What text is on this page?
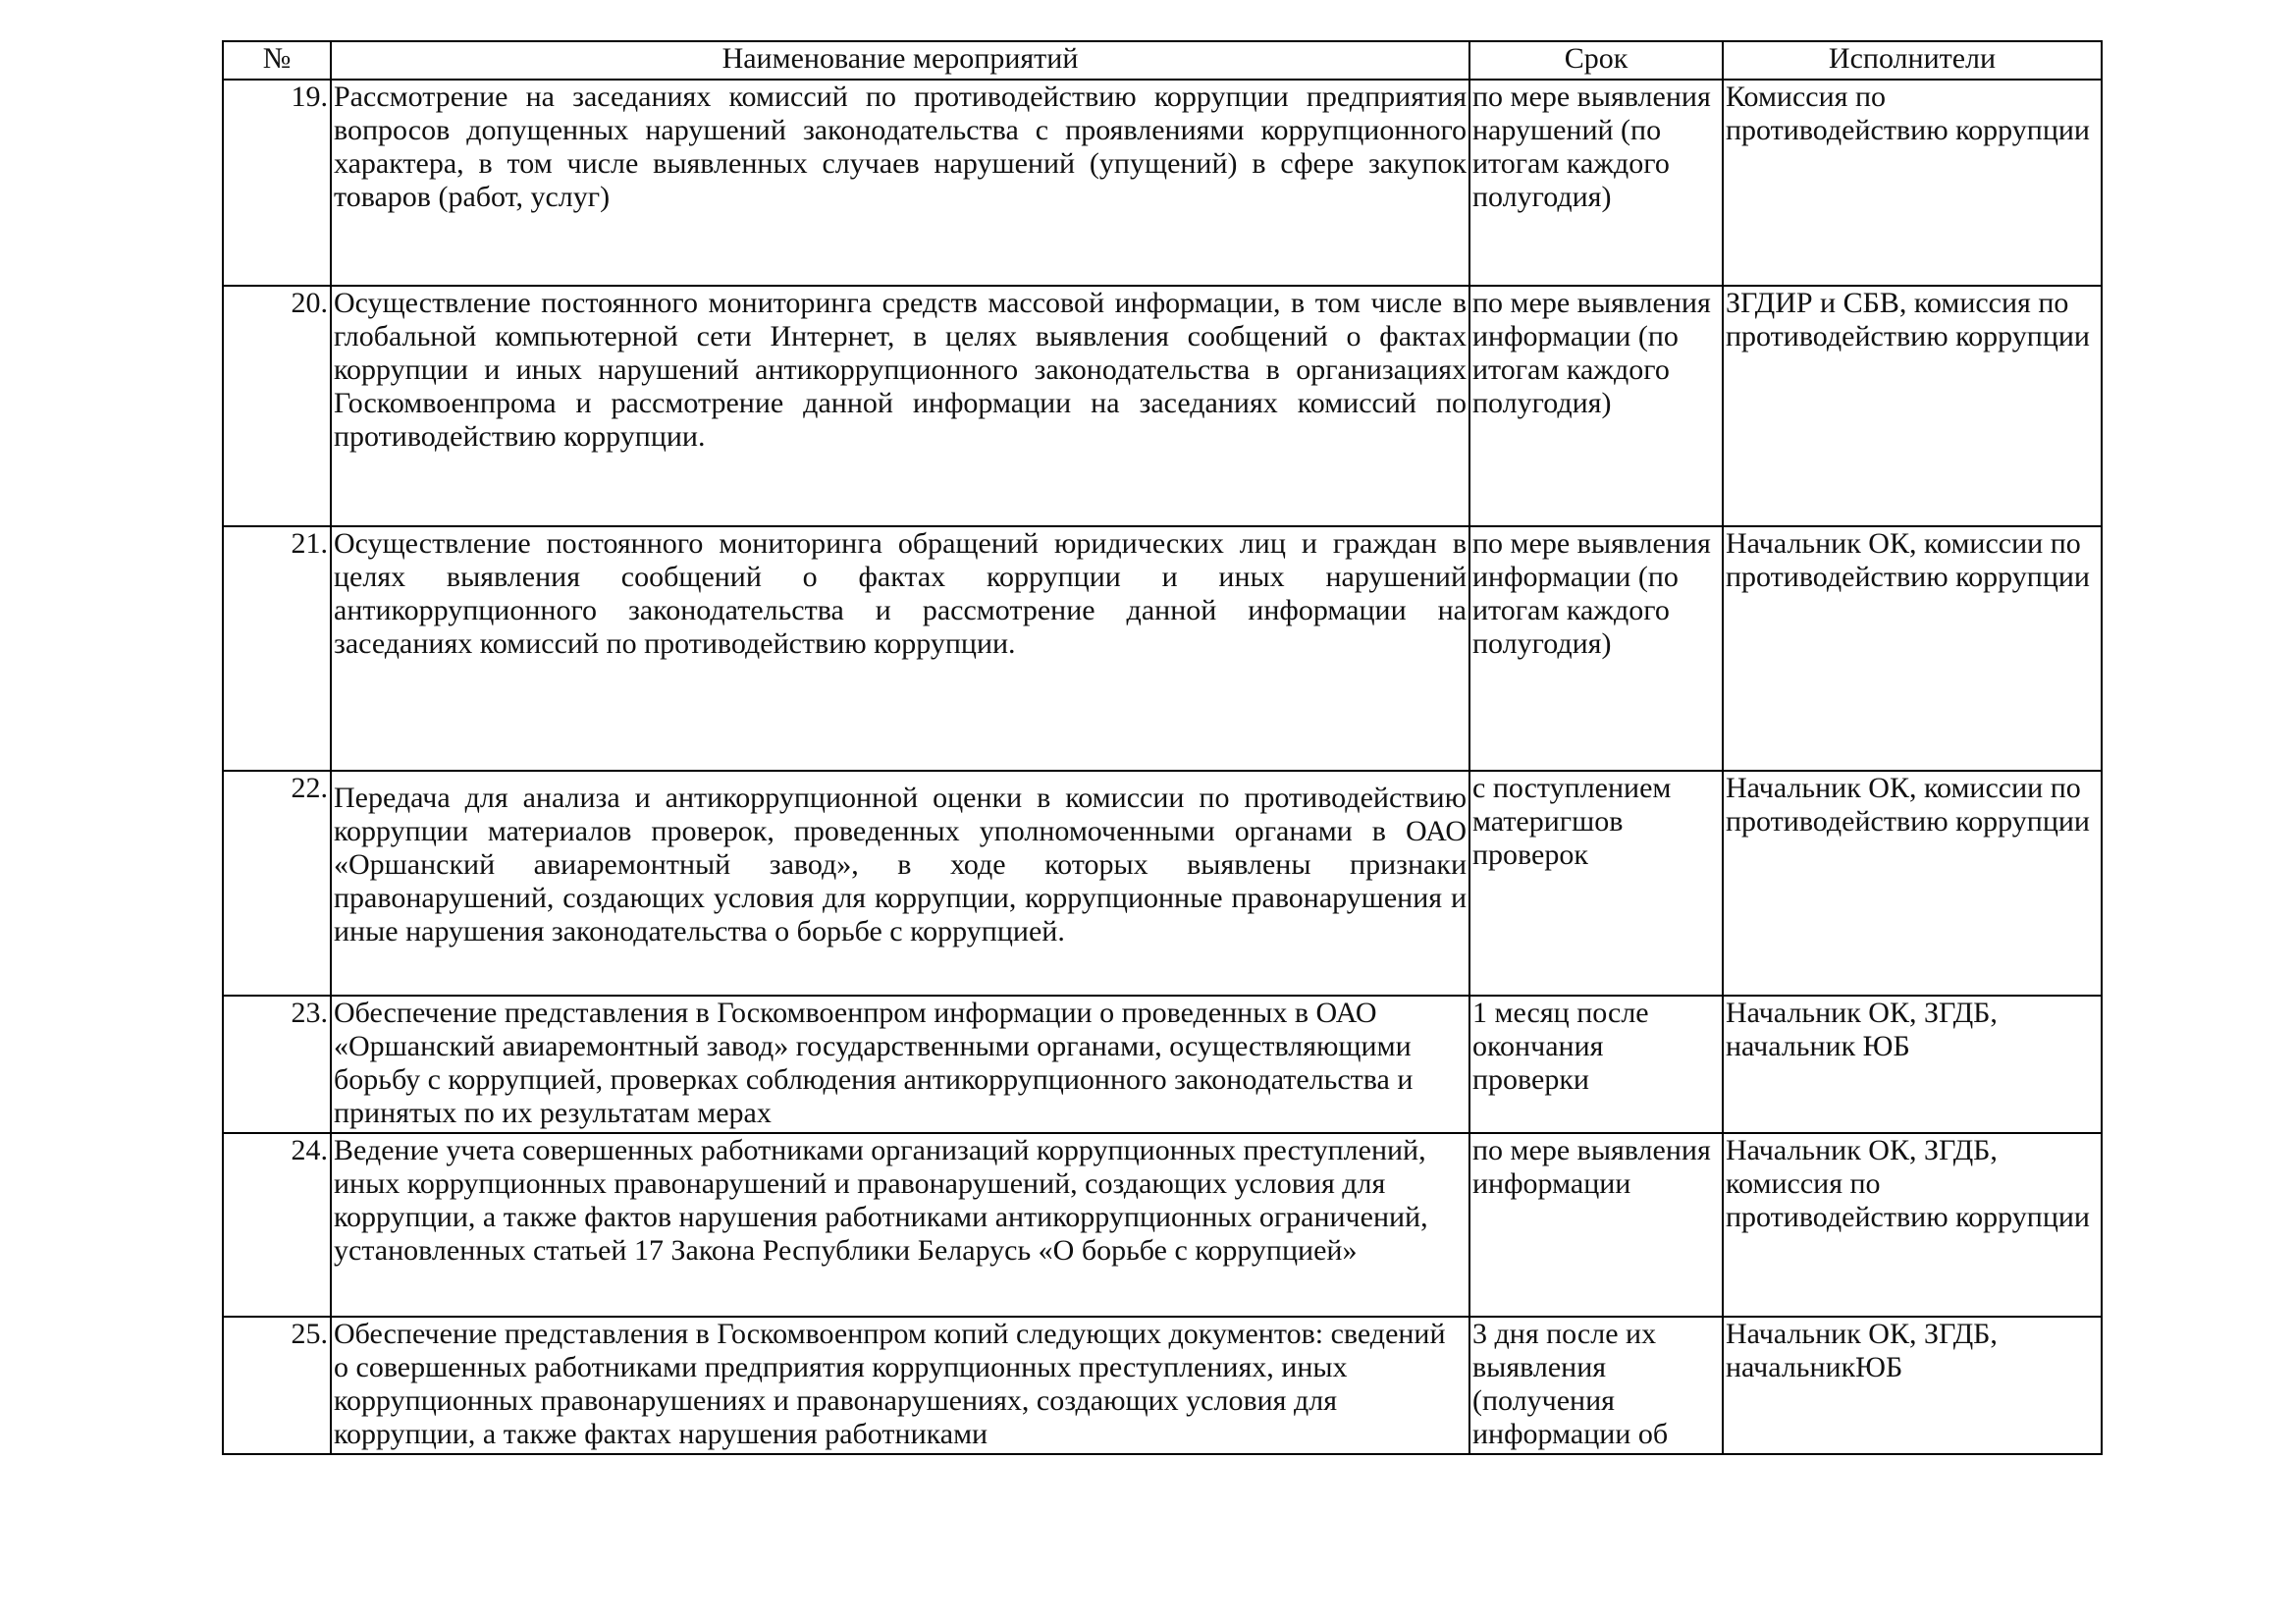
№	Наименование мероприятий	Срок	Исполнители
19.	Рассмотрение на заседаниях комиссий по противодействию коррупции предприятия вопросов допущенных нарушений законодательства с проявлениями коррупционного характера, в том числе выявленных случаев нарушений (упущений) в сфере закупок товаров (работ, услуг)	по мере выявления нарушений (по итогам каждого полугодия)	Комиссия по противодействию коррупции
20.	Осуществление постоянного мониторинга средств массовой информации, в том числе в глобальной компьютерной сети Интернет, в целях выявления сообщений о фактах коррупции и иных нарушений антикоррупционного законодательства в организациях Госкомвоенпрома и рассмотрение данной информации на заседаниях комиссий по противодействию коррупции.	по мере выявления информации (по итогам каждого полугодия)	ЗГДИР и СБВ, комиссия по противодействию коррупции
21.	Осуществление постоянного мониторинга обращений юридических лиц и граждан в целях выявления сообщений о фактах коррупции и иных нарушений антикоррупционного законодательства и рассмотрение данной информации на заседаниях комиссий по противодействию коррупции.	по мере выявления информации (по итогам каждого полугодия)	Начальник ОК, комиссии по противодействию коррупции
22.	Передача для анализа и антикоррупционной оценки в комиссии по противодействию коррупции материалов проверок, проведенных уполномоченными органами в ОАО «Оршанский авиаремонтный завод», в ходе которых выявлены признаки правонарушений, создающих условия для коррупции, коррупционные правонарушения и иные нарушения законодательства о борьбе с коррупцией.	с поступлением материгшов проверок	Начальник ОК, комиссии по противодействию коррупции
23.	Обеспечение представления в Госкомвоенпром информации о проведенных в ОАО «Оршанский авиаремонтный завод» государственными органами, осуществляющими борьбу с коррупцией, проверках соблюдения антикоррупционного законодательства и принятых по их результатам мерах	1 месяц после окончания проверки	Начальник ОК, ЗГДБ, начальник ЮБ
24.	Ведение учета совершенных работниками организаций коррупционных преступлений, иных коррупционных правонарушений и правонарушений, создающих условия для коррупции, а также фактов нарушения работниками антикоррупционных ограничений, установленных статьей 17 Закона Республики Беларусь «О борьбе с коррупцией»	по мере выявления информации	Начальник ОК, ЗГДБ, комиссия по противодействию коррупции
25.	Обеспечение представления в Госкомвоенпром копий следующих документов: сведений о совершенных работниками предприятия коррупционных преступлениях, иных коррупционных правонарушениях и правонарушениях, создающих условия для коррупции, а также фактах нарушения работниками	3 дня после их выявления (получения информации об	Начальник ОК, ЗГДБ, начальникЮБ
